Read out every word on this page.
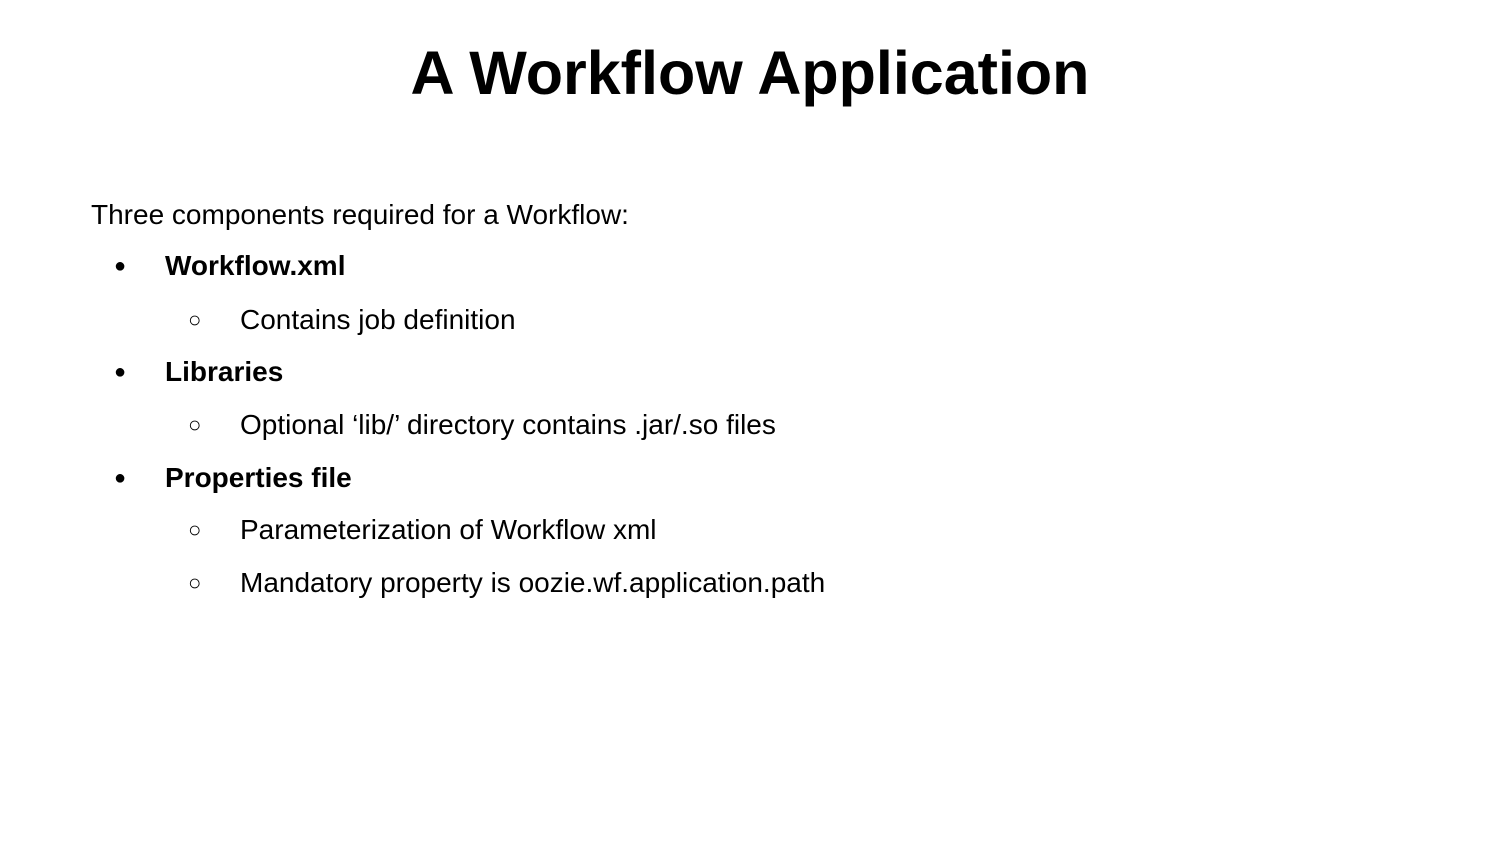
A Workflow Application

Three components required for a Workflow:

● Workflow.xml
○ Contains job definition
● Libraries
○ Optional ‘lib/’ directory contains .jar/.so files
● Properties file
○ Parameterization of Workflow xml
○ Mandatory property is oozie.wf.application.path
